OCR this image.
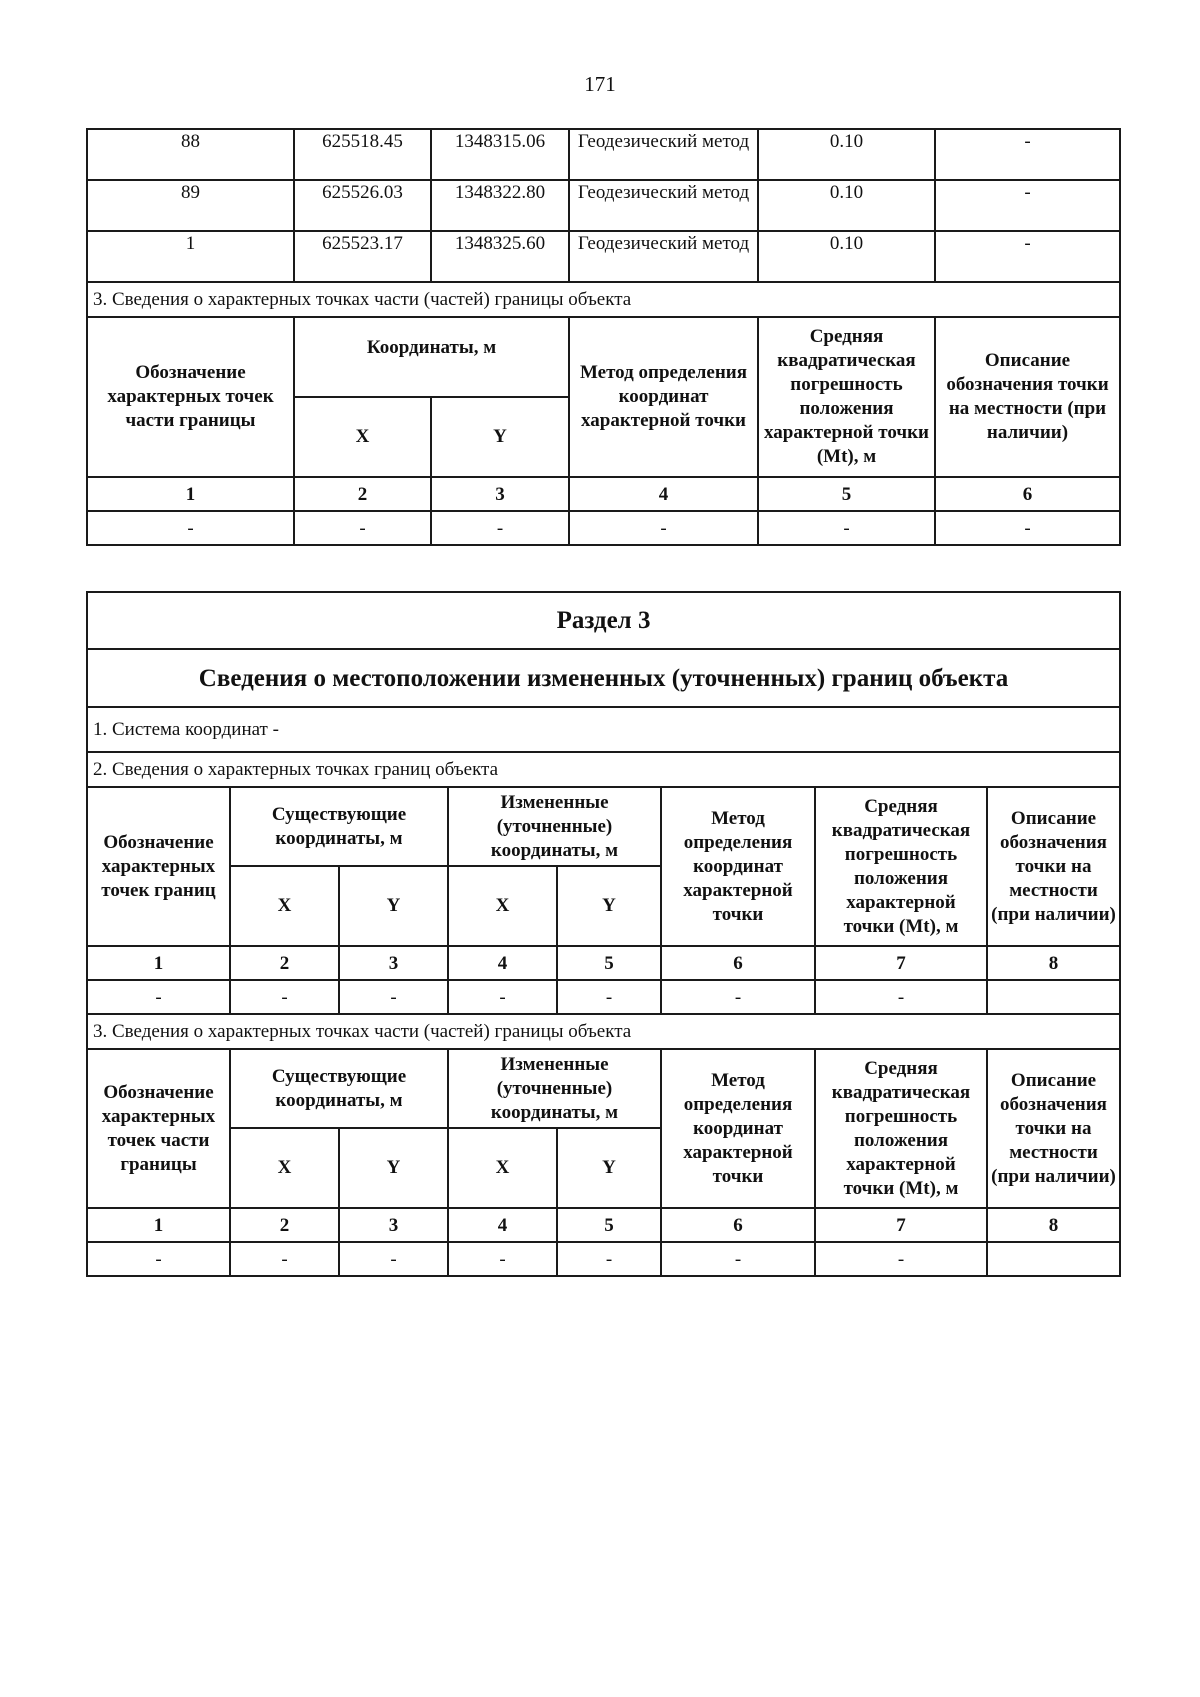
171
88	625518.45	1348315.06	Геодезический метод	0.10	-
89	625526.03	1348322.80	Геодезический метод	0.10	-
1	625523.17	1348325.60	Геодезический метод	0.10	-
3. Сведения о характерных точках части (частей) границы объекта					
Обозначение характерных точек части границы	Координаты, м		Метод определения координат характерной точки	Средняя квадратическая погрешность положения характерной точки (Mt), м	Описание обозначения точки на местности (при наличии)
	X	Y			
1	2	3	4	5	6
-	-	-	-	-	-
Раздел 3							
Сведения о местоположении измененных (уточненных) границ объекта							
1. Система координат -							
2. Сведения о характерных точках границ объекта							
Обозначение характерных точек границ	Существующие координаты, м		Измененные (уточненные) координаты, м		Метод определения координат характерной точки	Средняя квадратическая погрешность положения характерной точки (Mt), м	Описание обозначения точки на местности (при наличии)
	X	Y	X	Y			
1	2	3	4	5	6	7	8
-	-	-	-	-	-	-	
3. Сведения о характерных точках части (частей) границы объекта							
Обозначение характерных точек части границы	Существующие координаты, м		Измененные (уточненные) координаты, м		Метод определения координат характерной точки	Средняя квадратическая погрешность положения характерной точки (Mt), м	Описание обозначения точки на местности (при наличии)
	X	Y	X	Y			
1	2	3	4	5	6	7	8
-	-	-	-	-	-	-	
